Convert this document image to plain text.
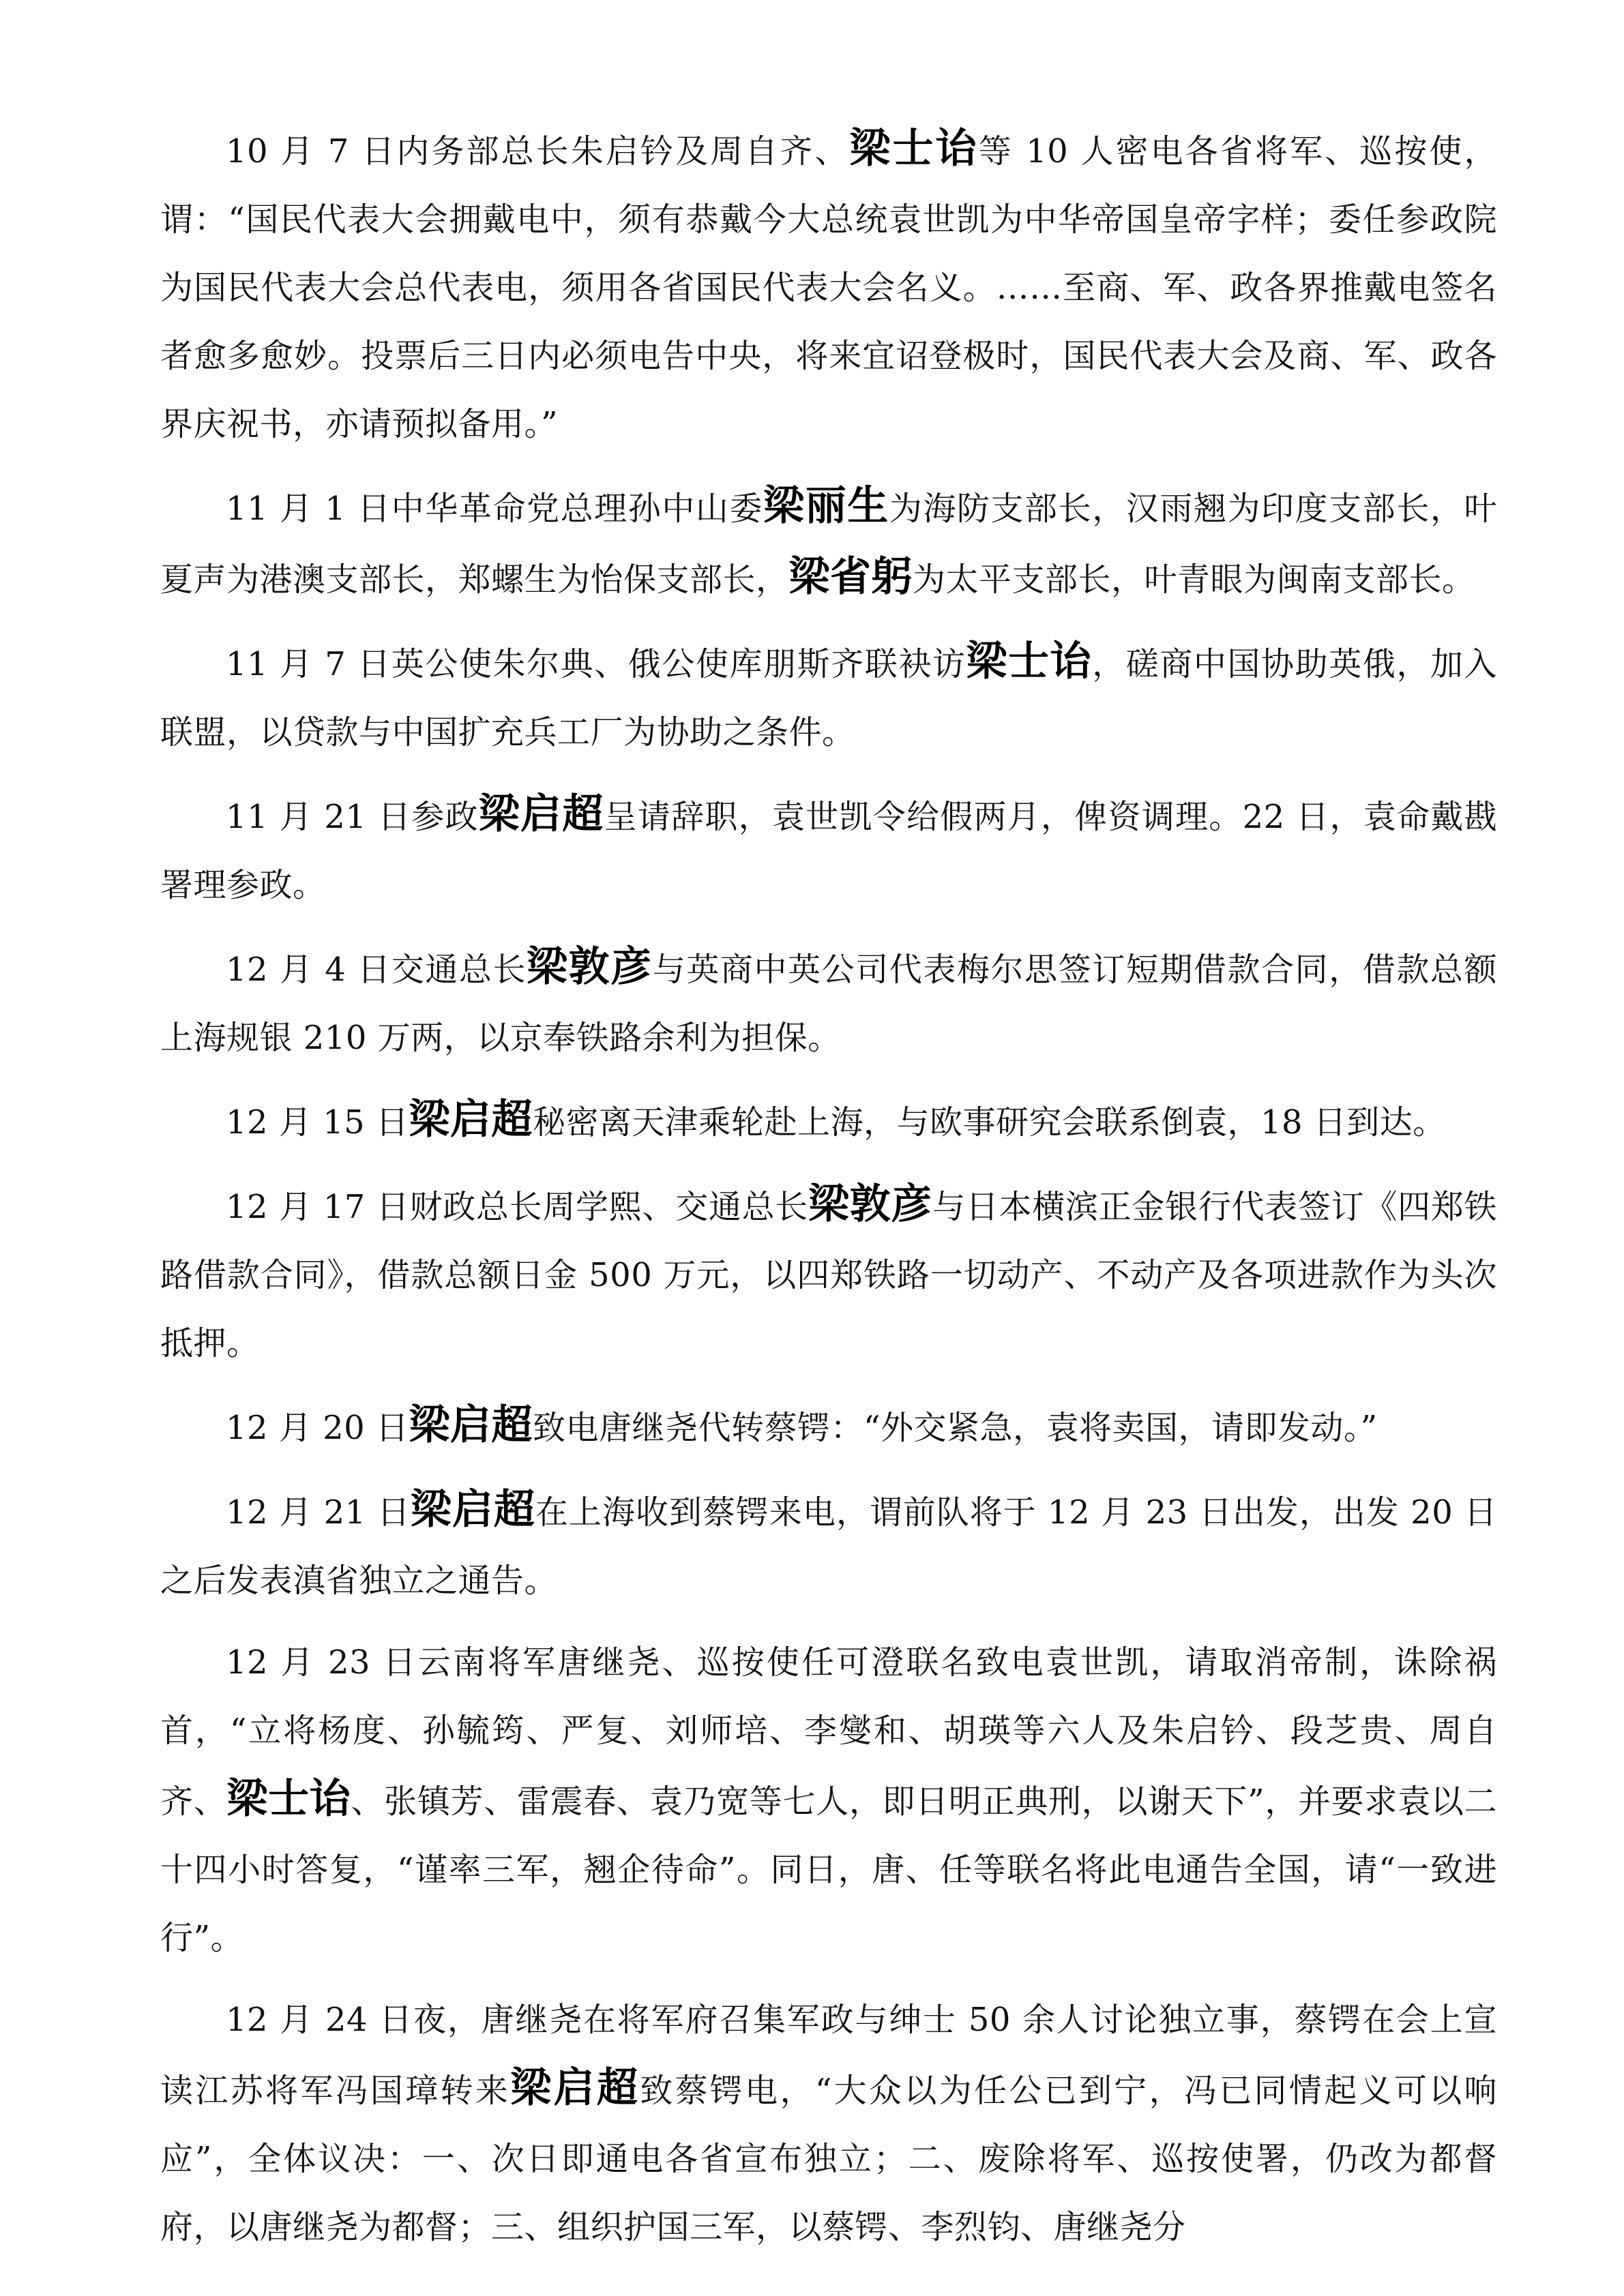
10 月 7 日内务部总长朱启钤及周自齐、梁士诒等 10 人密电各省将军、巡按使，谓：“国民代表大会拥戴电中，须有恭戴今大总统袁世凯为中华帝国皇帝字样；委任参政院为国民代表大会总代表电，须用各省国民代表大会名义。……至商、军、政各界推戴电签名者愈多愈妙。投票后三日内必须电告中央，将来宜诏登极时，国民代表大会及商、军、政各界庆祝书，亦请预拟备用。”

11 月 1 日中华革命党总理孙中山委梁丽生为海防支部长，汉雨翘为印度支部长，叶夏声为港澳支部长，郑螺生为怡保支部长，梁省躬为太平支部长，叶青眼为闽南支部长。

11 月 7 日英公使朱尔典、俄公使库朋斯齐联袂访梁士诒，磋商中国协助英俄，加入联盟，以贷款与中国扩充兵工厂为协助之条件。

11 月 21 日参政梁启超呈请辞职，袁世凯令给假两月，俾资调理。22 日，袁命戴戡署理参政。

12 月 4 日交通总长梁敦彦与英商中英公司代表梅尔思签订短期借款合同，借款总额上海规银 210 万两，以京奉铁路余利为担保。

12 月 15 日梁启超秘密离天津乘轮赴上海，与欧事研究会联系倒袁，18 日到达。

12 月 17 日财政总长周学熙、交通总长梁敦彦与日本横滨正金银行代表签订《四郑铁路借款合同》，借款总额日金 500 万元，以四郑铁路一切动产、不动产及各项进款作为头次抵押。

12 月 20 日梁启超致电唐继尧代转蔡锷：“外交紧急，袁将卖国，请即发动。”

12 月 21 日梁启超在上海收到蔡锷来电，谓前队将于 12 月 23 日出发，出发 20 日之后发表滇省独立之通告。

12 月 23 日云南将军唐继尧、巡按使任可澄联名致电袁世凯，请取消帝制，诛除祸首，“立将杨度、孙毓筠、严复、刘师培、李燮和、胡瑛等六人及朱启钤、段芝贵、周自齐、梁士诒、张镇芳、雷震春、袁乃宽等七人，即日明正典刑，以谢天下”，并要求袁以二十四小时答复，“谨率三军，翘企待命”。同日，唐、任等联名将此电通告全国，请“一致进行”。

12 月 24 日夜，唐继尧在将军府召集军政与绅士 50 余人讨论独立事，蔡锷在会上宣读江苏将军冯国璋转来梁启超致蔡锷电，“大众以为任公已到宁，冯已同情起义可以响应”，全体议决：一、次日即通电各省宣布独立；二、废除将军、巡按使署，仍改为都督府，以唐继尧为都督；三、组织护国三军，以蔡锷、李烈钧、唐继尧分
